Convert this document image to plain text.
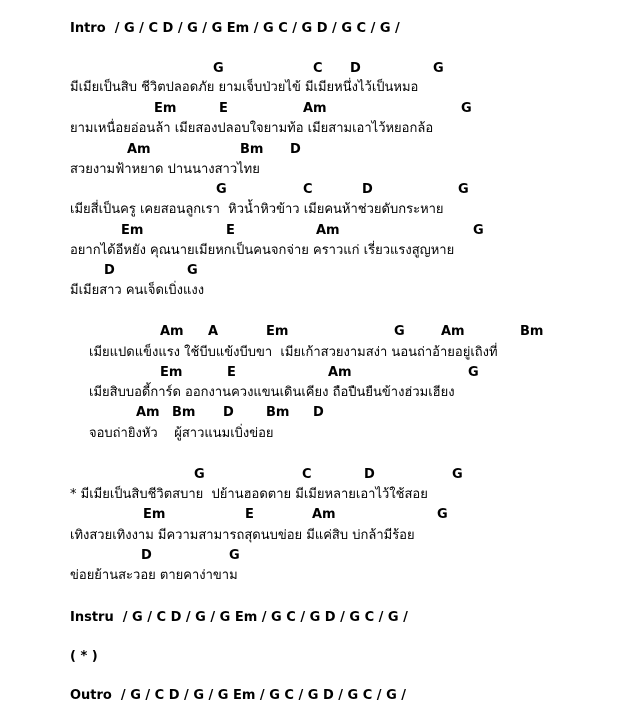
Intro  / G / C D / G / G Em / G C / G D / G C / G /
G	C D	G
มีเมียเป็นสิบ ชีวิตปลอดภัย ยามเจ็บป่วยไข้ มีเมียหนึ่งไว้เป็นหมอ
Em	E	Am	G
ยามเหนื่อยอ่อนล้า เมียสองปลอบใจยามท้อ เมียสามเอาไว้หยอกล้อ
Am	Bm D
สวยงามฟ้าหยาด ปานนางสาวไทย
G	C	D	G
เมียสี่เป็นครู เคยสอนลูกเรา  หิวน้ำหิวข้าว เมียคนห้าช่วยดับกระหาย
Em	E	Am	G
อยากได้อีหยัง คุณนายเมียหกเป็นคนจกจ่าย คราวแก่ เรี่ยวแรงสูญหาย
D	G
มีเมียสาว คนเจ็ดเบิ่งแงง
Am A	Em	G	Am	Bm
เมียแปดแข็งแรง ใช้บีบแข้งบีบขา  เมียเก้าสวยงามสง่า นอนถ่าอ้ายอยู่เถิงที่
Em	E	Am	G
เมียสิบบอดี้การ์ด ออกงานควงแขนเดินเคียง ถือปืนยืนข้างฮ่วมเฮียง
Am Bm D Bm D
จอบถ่ายิงหัว    ผู้สาวแนมเบิ่งข่อย
G	C	D	G
* มีเมียเป็นสิบชีวิตสบาย  ปย้านฮอดตาย มีเมียหลายเอาไว้ใช้สอย
Em	E	Am	G
เทิงสวยเทิงงาม มีความสามารถสุดนบข่อย มีแค่สิบ บ่กล้ามีร้อย
D	G
ข่อยย้านสะวอย ตายคาง่าขาม
Instru  / G / C D / G / G Em / G C / G D / G C / G /
( * )
Outro  / G / C D / G / G Em / G C / G D / G C / G /
